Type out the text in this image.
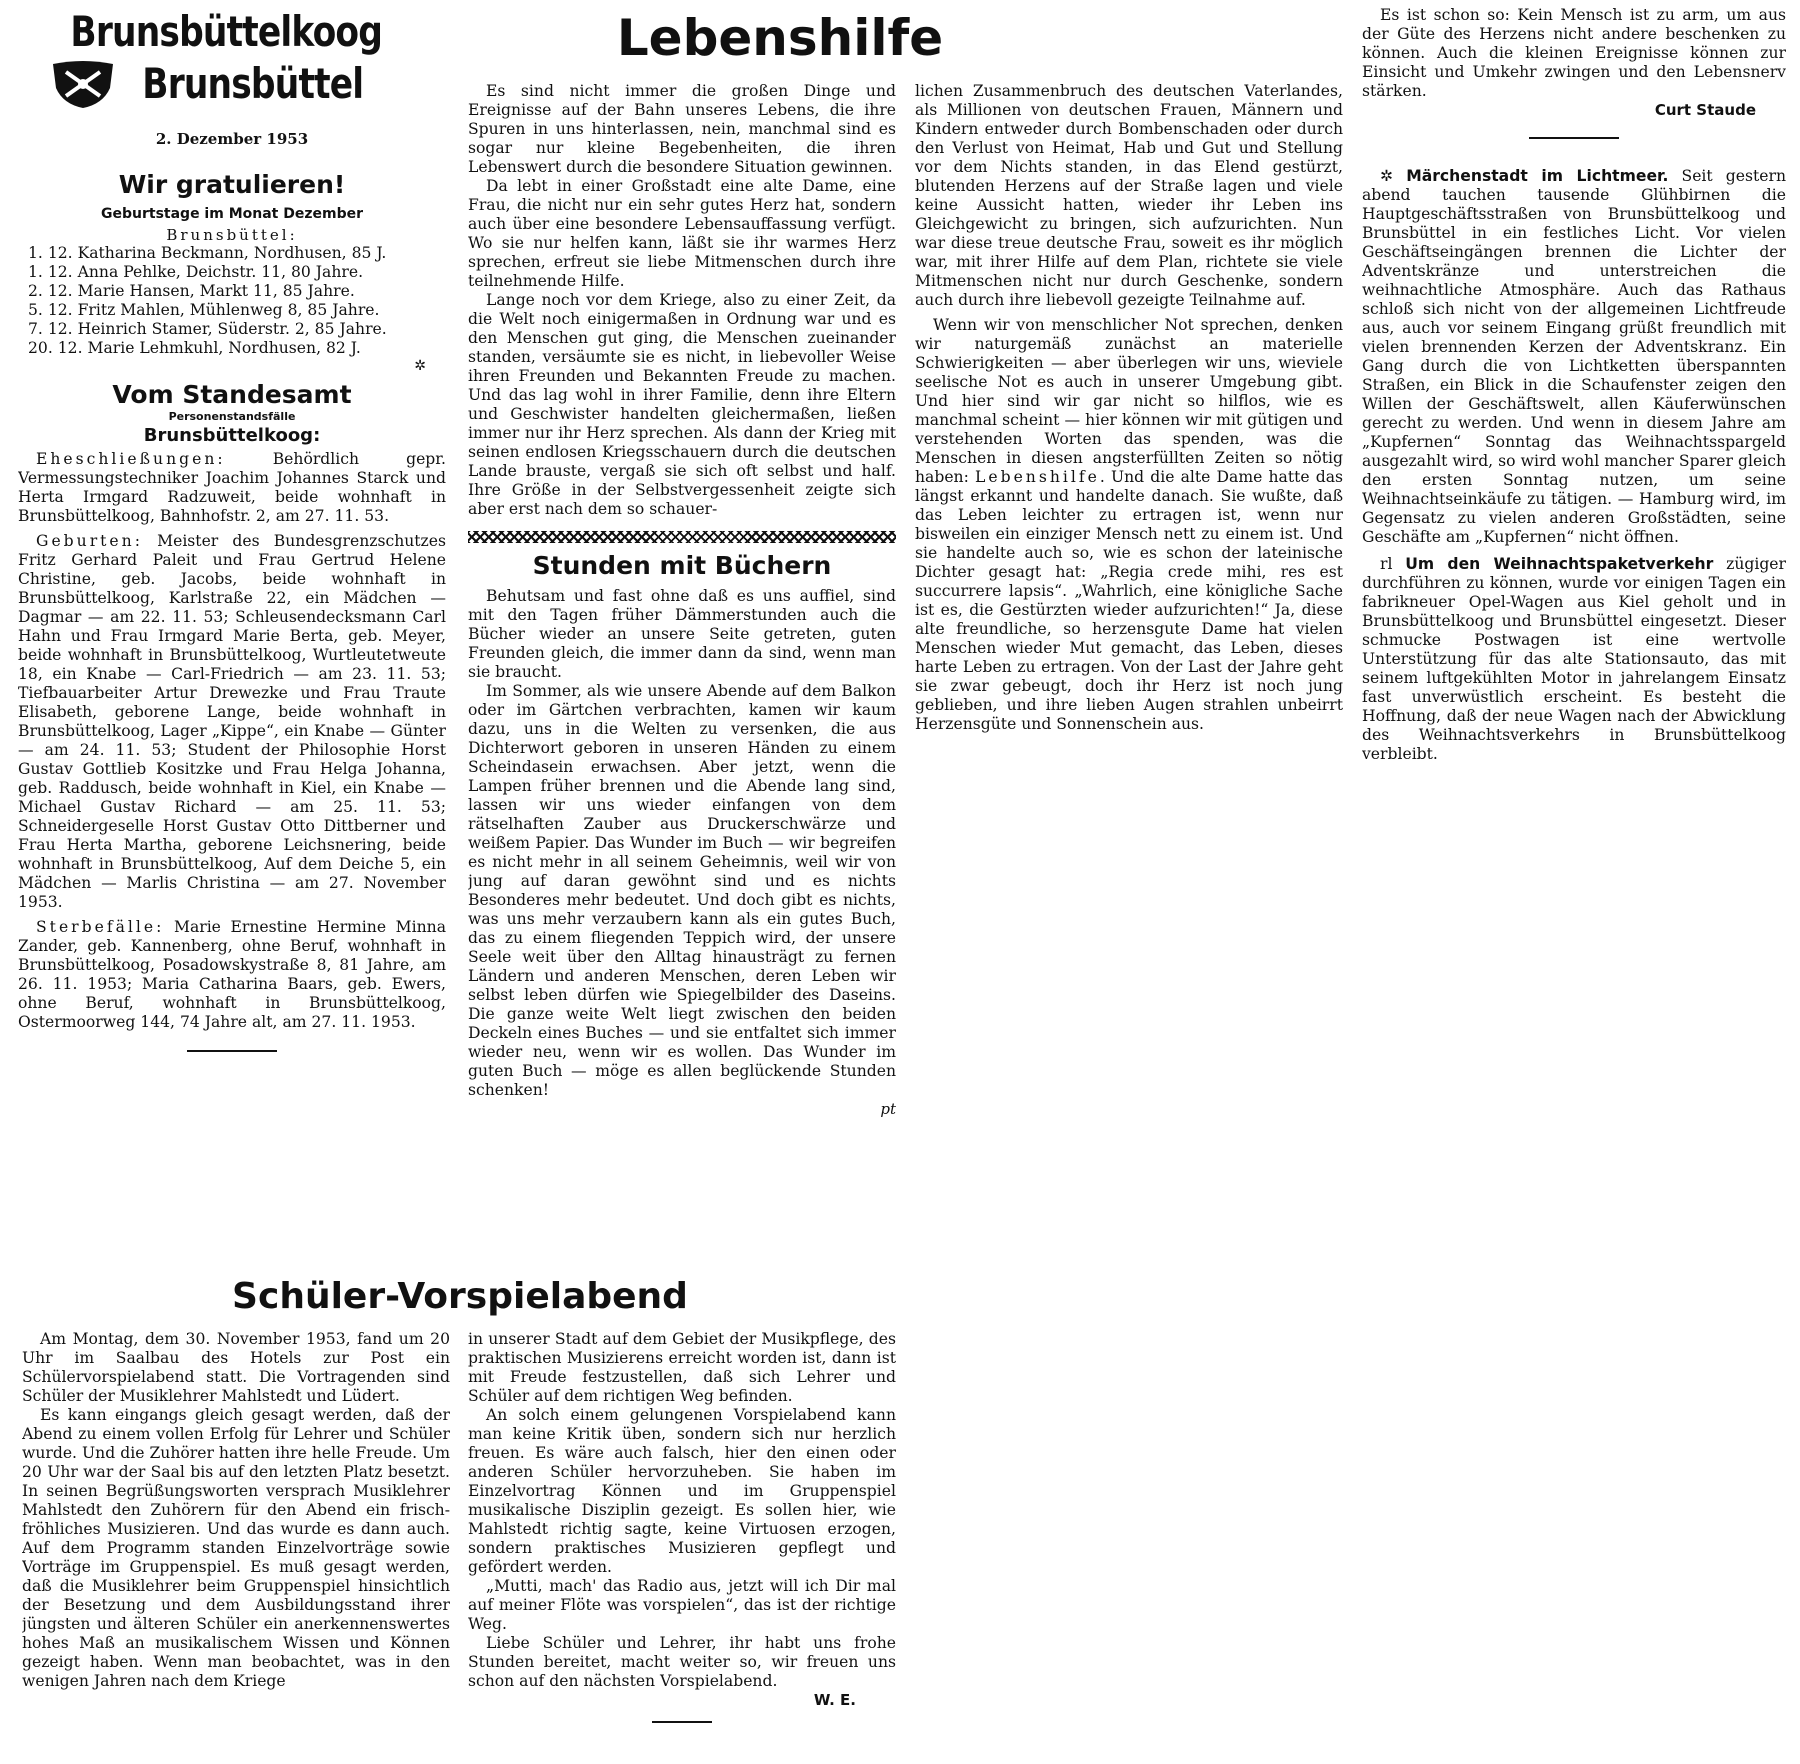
Brunsbüttelkoog
Brunsbüttel
2. Dezember 1953
Wir gratulieren!
Geburtstage im Monat Dezember
Brunsbüttel:
1. 12. Katharina Beckmann, Nordhusen, 85 J.
1. 12. Anna Pehlke, Deichstr. 11, 80 Jahre.
2. 12. Marie Hansen, Markt 11, 85 Jahre.
5. 12. Fritz Mahlen, Mühlenweg 8, 85 Jahre.
7. 12. Heinrich Stamer, Süderstr. 2, 85 Jahre.
20. 12. Marie Lehmkuhl, Nordhusen, 82 J.
✲
Vom Standesamt
Personenstandsfälle
Brunsbüttelkoog:

Eheschließungen: Behördlich gepr. Vermessungstechniker Joachim Johannes Starck und Herta Irmgard Radzuweit, beide wohnhaft in Brunsbüttelkoog, Bahnhofstr. 2, am 27. 11. 53.

Geburten: Meister des Bundesgrenzschutzes Fritz Gerhard Paleit und Frau Gertrud Helene Christine, geb. Jacobs, beide wohnhaft in Brunsbüttelkoog, Karlstraße 22, ein Mädchen — Dagmar — am 22. 11. 53; Schleusendecksmann Carl Hahn und Frau Irmgard Marie Berta, geb. Meyer, beide wohnhaft in Brunsbüttelkoog, Wurtleutetweute 18, ein Knabe — Carl-Friedrich — am 23. 11. 53; Tiefbauarbeiter Artur Drewezke und Frau Traute Elisabeth, geborene Lange, beide wohnhaft in Brunsbüttelkoog, Lager „Kippe“, ein Knabe — Günter — am 24. 11. 53; Student der Philosophie Horst Gustav Gottlieb Kositzke und Frau Helga Johanna, geb. Raddusch, beide wohnhaft in Kiel, ein Knabe — Michael Gustav Richard — am 25. 11. 53; Schneidergeselle Horst Gustav Otto Dittberner und Frau Herta Martha, geborene Leichsnering, beide wohnhaft in Brunsbüttelkoog, Auf dem Deiche 5, ein Mädchen — Marlis Christina — am 27. November 1953.

Sterbefälle: Marie Ernestine Hermine Minna Zander, geb. Kannenberg, ohne Beruf, wohnhaft in Brunsbüttelkoog, Posadowskystraße 8, 81 Jahre, am 26. 11. 1953; Maria Catharina Baars, geb. Ewers, ohne Beruf, wohnhaft in Brunsbüttelkoog, Ostermoorweg 144, 74 Jahre alt, am 27. 11. 1953.

Lebenshilfe

Es sind nicht immer die großen Dinge und Ereignisse auf der Bahn unseres Lebens, die ihre Spuren in uns hinterlassen, nein, manchmal sind es sogar nur kleine Begebenheiten, die ihren Lebenswert durch die besondere Situation gewinnen.

Da lebt in einer Großstadt eine alte Dame, eine Frau, die nicht nur ein sehr gutes Herz hat, sondern auch über eine besondere Lebensauffassung verfügt. Wo sie nur helfen kann, läßt sie ihr warmes Herz sprechen, erfreut sie liebe Mitmenschen durch ihre teilnehmende Hilfe.

Lange noch vor dem Kriege, also zu einer Zeit, da die Welt noch einigermaßen in Ordnung war und es den Menschen gut ging, die Menschen zueinander standen, versäumte sie es nicht, in liebevoller Weise ihren Freunden und Bekannten Freude zu machen. Und das lag wohl in ihrer Familie, denn ihre Eltern und Geschwister handelten gleichermaßen, ließen immer nur ihr Herz sprechen. Als dann der Krieg mit seinen endlosen Kriegsschauern durch die deutschen Lande brauste, vergaß sie sich oft selbst und half. Ihre Größe in der Selbstvergessenheit zeigte sich aber erst nach dem so schauer-

Stunden mit Büchern

Behutsam und fast ohne daß es uns auffiel, sind mit den Tagen früher Dämmerstunden auch die Bücher wieder an unsere Seite getreten, guten Freunden gleich, die immer dann da sind, wenn man sie braucht.

Im Sommer, als wie unsere Abende auf dem Balkon oder im Gärtchen verbrachten, kamen wir kaum dazu, uns in die Welten zu versenken, die aus Dichterwort geboren in unseren Händen zu einem Scheindasein erwachsen. Aber jetzt, wenn die Lampen früher brennen und die Abende lang sind, lassen wir uns wieder einfangen von dem rätselhaften Zauber aus Druckerschwärze und weißem Papier. Das Wunder im Buch — wir begreifen es nicht mehr in all seinem Geheimnis, weil wir von jung auf daran gewöhnt sind und es nichts Besonderes mehr bedeutet. Und doch gibt es nichts, was uns mehr verzaubern kann als ein gutes Buch, das zu einem fliegenden Teppich wird, der unsere Seele weit über den Alltag hinausträgt zu fernen Ländern und anderen Menschen, deren Leben wir selbst leben dürfen wie Spiegelbilder des Daseins. Die ganze weite Welt liegt zwischen den beiden Deckeln eines Buches — und sie entfaltet sich immer wieder neu, wenn wir es wollen. Das Wunder im guten Buch — möge es allen beglückende Stunden schenken!

pt

lichen Zusammenbruch des deutschen Vaterlandes, als Millionen von deutschen Frauen, Männern und Kindern entweder durch Bombenschaden oder durch den Verlust von Heimat, Hab und Gut und Stellung vor dem Nichts standen, in das Elend gestürzt, blutenden Herzens auf der Straße lagen und viele keine Aussicht hatten, wieder ihr Leben ins Gleichgewicht zu bringen, sich aufzurichten. Nun war diese treue deutsche Frau, soweit es ihr möglich war, mit ihrer Hilfe auf dem Plan, richtete sie viele Mitmenschen nicht nur durch Geschenke, sondern auch durch ihre liebevoll gezeigte Teilnahme auf.

Wenn wir von menschlicher Not sprechen, denken wir naturgemäß zunächst an materielle Schwierigkeiten — aber überlegen wir uns, wieviele seelische Not es auch in unserer Umgebung gibt. Und hier sind wir gar nicht so hilflos, wie es manchmal scheint — hier können wir mit gütigen und verstehenden Worten das spenden, was die Menschen in diesen angsterfüllten Zeiten so nötig haben: Lebenshilfe. Und die alte Dame hatte das längst erkannt und handelte danach. Sie wußte, daß das Leben leichter zu ertragen ist, wenn nur bisweilen ein einziger Mensch nett zu einem ist. Und sie handelte auch so, wie es schon der lateinische Dichter gesagt hat: „Regia crede mihi, res est succurrere lapsis“. „Wahrlich, eine königliche Sache ist es, die Gestürzten wieder aufzurichten!“ Ja, diese alte freundliche, so herzensgute Dame hat vielen Menschen wieder Mut gemacht, das Leben, dieses harte Leben zu ertragen. Von der Last der Jahre geht sie zwar gebeugt, doch ihr Herz ist noch jung geblieben, und ihre lieben Augen strahlen unbeirrt Herzensgüte und Sonnenschein aus.

Es ist schon so: Kein Mensch ist zu arm, um aus der Güte des Herzens nicht andere beschenken zu können. Auch die kleinen Ereignisse können zur Einsicht und Umkehr zwingen und den Lebensnerv stärken.

Curt Staude

✲ Märchenstadt im Lichtmeer. Seit gestern abend tauchen tausende Glühbirnen die Hauptgeschäftsstraßen von Brunsbüttelkoog und Brunsbüttel in ein festliches Licht. Vor vielen Geschäftseingängen brennen die Lichter der Adventskränze und unterstreichen die weihnachtliche Atmosphäre. Auch das Rathaus schloß sich nicht von der allgemeinen Lichtfreude aus, auch vor seinem Eingang grüßt freundlich mit vielen brennenden Kerzen der Adventskranz. Ein Gang durch die von Lichtketten überspannten Straßen, ein Blick in die Schaufenster zeigen den Willen der Geschäftswelt, allen Käuferwünschen gerecht zu werden. Und wenn in diesem Jahre am „Kupfernen“ Sonntag das Weihnachtsspargeld ausgezahlt wird, so wird wohl mancher Sparer gleich den ersten Sonntag nutzen, um seine Weihnachtseinkäufe zu tätigen. — Hamburg wird, im Gegensatz zu vielen anderen Großstädten, seine Geschäfte am „Kupfernen“ nicht öffnen.

rl Um den Weihnachtspaketverkehr zügiger durchführen zu können, wurde vor einigen Tagen ein fabrikneuer Opel-Wagen aus Kiel geholt und in Brunsbüttelkoog und Brunsbüttel eingesetzt. Dieser schmucke Postwagen ist eine wertvolle Unterstützung für das alte Stationsauto, das mit seinem luftgekühlten Motor in jahrelangem Einsatz fast unverwüstlich erscheint. Es besteht die Hoffnung, daß der neue Wagen nach der Abwicklung des Weihnachtsverkehrs in Brunsbüttelkoog verbleibt.

Schüler-Vorspielabend

Am Montag, dem 30. November 1953, fand um 20 Uhr im Saalbau des Hotels zur Post ein Schülervorspielabend statt. Die Vortragenden sind Schüler der Musiklehrer Mahlstedt und Lüdert.

Es kann eingangs gleich gesagt werden, daß der Abend zu einem vollen Erfolg für Lehrer und Schüler wurde. Und die Zuhörer hatten ihre helle Freude. Um 20 Uhr war der Saal bis auf den letzten Platz besetzt. In seinen Begrüßungsworten versprach Musiklehrer Mahlstedt den Zuhörern für den Abend ein frisch-fröhliches Musizieren. Und das wurde es dann auch. Auf dem Programm standen Einzelvorträge sowie Vorträge im Gruppenspiel. Es muß gesagt werden, daß die Musiklehrer beim Gruppenspiel hinsichtlich der Besetzung und dem Ausbildungsstand ihrer jüngsten und älteren Schüler ein anerkennenswertes hohes Maß an musikalischem Wissen und Können gezeigt haben. Wenn man beobachtet, was in den wenigen Jahren nach dem Kriege

in unserer Stadt auf dem Gebiet der Musikpflege, des praktischen Musizierens erreicht worden ist, dann ist mit Freude festzustellen, daß sich Lehrer und Schüler auf dem richtigen Weg befinden.

An solch einem gelungenen Vorspielabend kann man keine Kritik üben, sondern sich nur herzlich freuen. Es wäre auch falsch, hier den einen oder anderen Schüler hervorzuheben. Sie haben im Einzelvortrag Können und im Gruppenspiel musikalische Disziplin gezeigt. Es sollen hier, wie Mahlstedt richtig sagte, keine Virtuosen erzogen, sondern praktisches Musizieren gepflegt und gefördert werden.

„Mutti, mach' das Radio aus, jetzt will ich Dir mal auf meiner Flöte was vorspielen“, das ist der richtige Weg.

Liebe Schüler und Lehrer, ihr habt uns frohe Stunden bereitet, macht weiter so, wir freuen uns schon auf den nächsten Vorspielabend.

W. E.
